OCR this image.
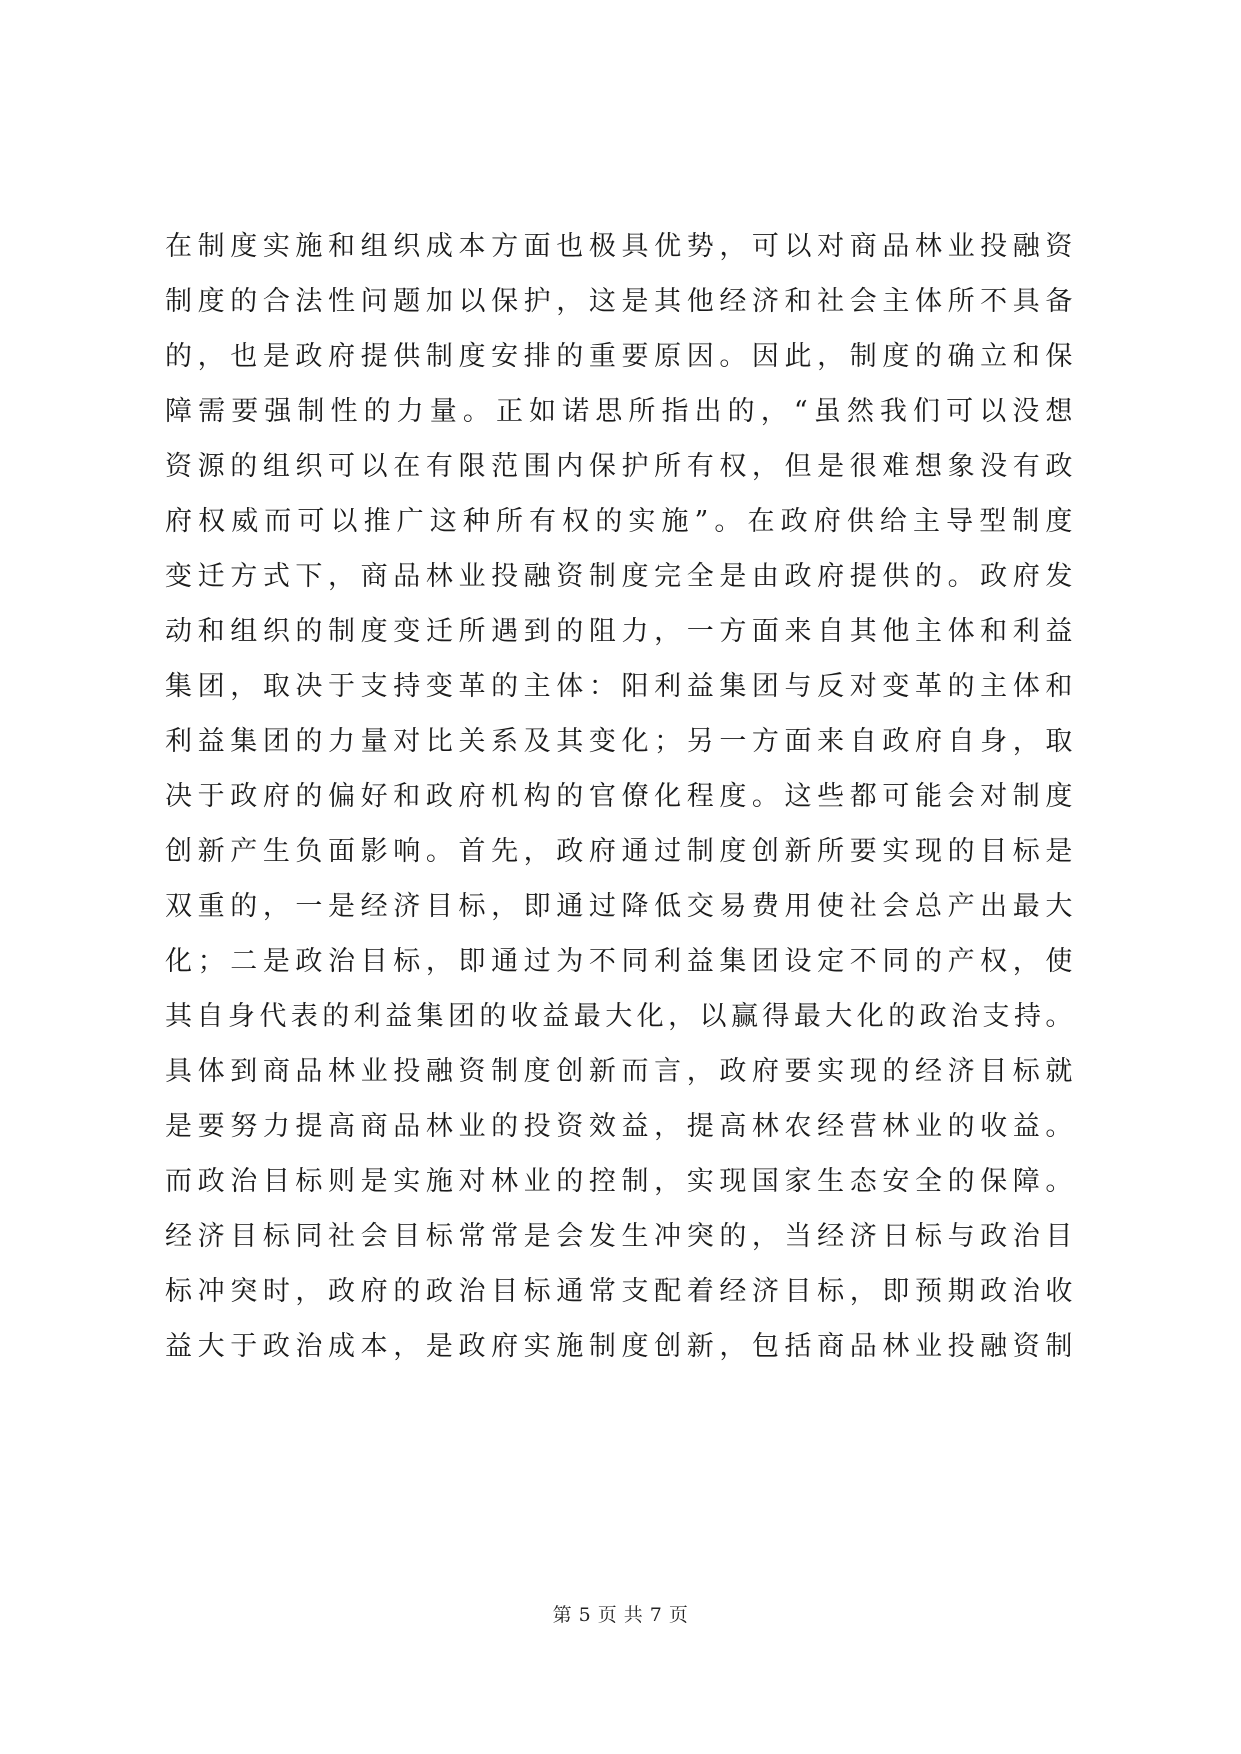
在制度实施和组织成本方面也极具优势，可以对商品林业投融资
制度的合法性问题加以保护，这是其他经济和社会主体所不具备
的，也是政府提供制度安排的重要原因。因此，制度的确立和保
障需要强制性的力量。正如诺思所指出的，“虽然我们可以没想
资源的组织可以在有限范围内保护所有权，但是很难想象没有政
府权威而可以推广这种所有权的实施”。在政府供给主导型制度
变迁方式下，商品林业投融资制度完全是由政府提供的。政府发
动和组织的制度变迁所遇到的阻力，一方面来自其他主体和利益
集团，取决于支持变革的主体：阳利益集团与反对变革的主体和
利益集团的力量对比关系及其变化；另一方面来自政府自身，取
决于政府的偏好和政府机构的官僚化程度。这些都可能会对制度
创新产生负面影响。首先，政府通过制度创新所要实现的目标是
双重的，一是经济目标，即通过降低交易费用使社会总产出最大
化；二是政治目标，即通过为不同利益集团设定不同的产权，使
其自身代表的利益集团的收益最大化，以赢得最大化的政治支持。
具体到商品林业投融资制度创新而言，政府要实现的经济目标就
是要努力提高商品林业的投资效益，提高林农经营林业的收益。
而政治目标则是实施对林业的控制，实现国家生态安全的保障。
经济目标同社会目标常常是会发生冲突的，当经济日标与政治目
标冲突时，政府的政治目标通常支配着经济目标，即预期政治收
益大于政治成本，是政府实施制度创新，包括商品林业投融资制
第 5 页 共 7 页
